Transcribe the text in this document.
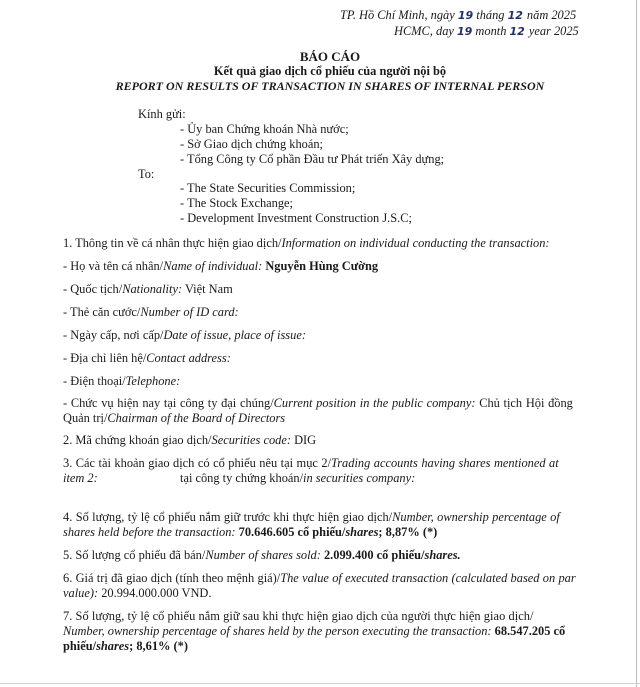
TP. Hồ Chí Minh, ngày 19 tháng 12 năm 2025
HCMC, day 19 month 12 year 2025
BÁO CÁO
Kết quả giao dịch cổ phiếu của người nội bộ
REPORT ON RESULTS OF TRANSACTION IN SHARES OF INTERNAL PERSON
Kính gửi:
- Ủy ban Chứng khoán Nhà nước;
- Sở Giao dịch chứng khoán;
- Tổng Công ty Cổ phần Đầu tư Phát triển Xây dựng;
To:
- The State Securities Commission;
- The Stock Exchange;
- Development Investment Construction J.S.C;
1. Thông tin về cá nhân thực hiện giao dịch/Information on individual conducting the transaction:
- Họ và tên cá nhân/Name of individual: Nguyễn Hùng Cường
- Quốc tịch/Nationality: Việt Nam
- Thẻ căn cước/Number of ID card:
- Ngày cấp, nơi cấp/Date of issue, place of issue:
- Địa chỉ liên hệ/Contact address:
- Điện thoại/Telephone:
- Chức vụ hiện nay tại công ty đại chúng/Current position in the public company: Chủ tịch Hội đồng
Quản trị/Chairman of the Board of Directors
2. Mã chứng khoán giao dịch/Securities code: DIG
3. Các tài khoản giao dịch có cổ phiếu nêu tại mục 2/Trading accounts having shares mentioned at
item 2:	tại công ty chứng khoán/in securities company:
4. Số lượng, tỷ lệ cổ phiếu nắm giữ trước khi thực hiện giao dịch/Number, ownership percentage of
shares held before the transaction: 70.646.605 cổ phiếu/shares; 8,87% (*)
5. Số lượng cổ phiếu đã bán/Number of shares sold: 2.099.400 cổ phiếu/shares.
6. Giá trị đã giao dịch (tính theo mệnh giá)/The value of executed transaction (calculated based on par
value): 20.994.000.000 VND.
7. Số lượng, tỷ lệ cổ phiếu nắm giữ sau khi thực hiện giao dịch của người thực hiện giao dịch/
Number, ownership percentage of shares held by the person executing the transaction: 68.547.205 cổ
phiếu/shares; 8,61% (*)
